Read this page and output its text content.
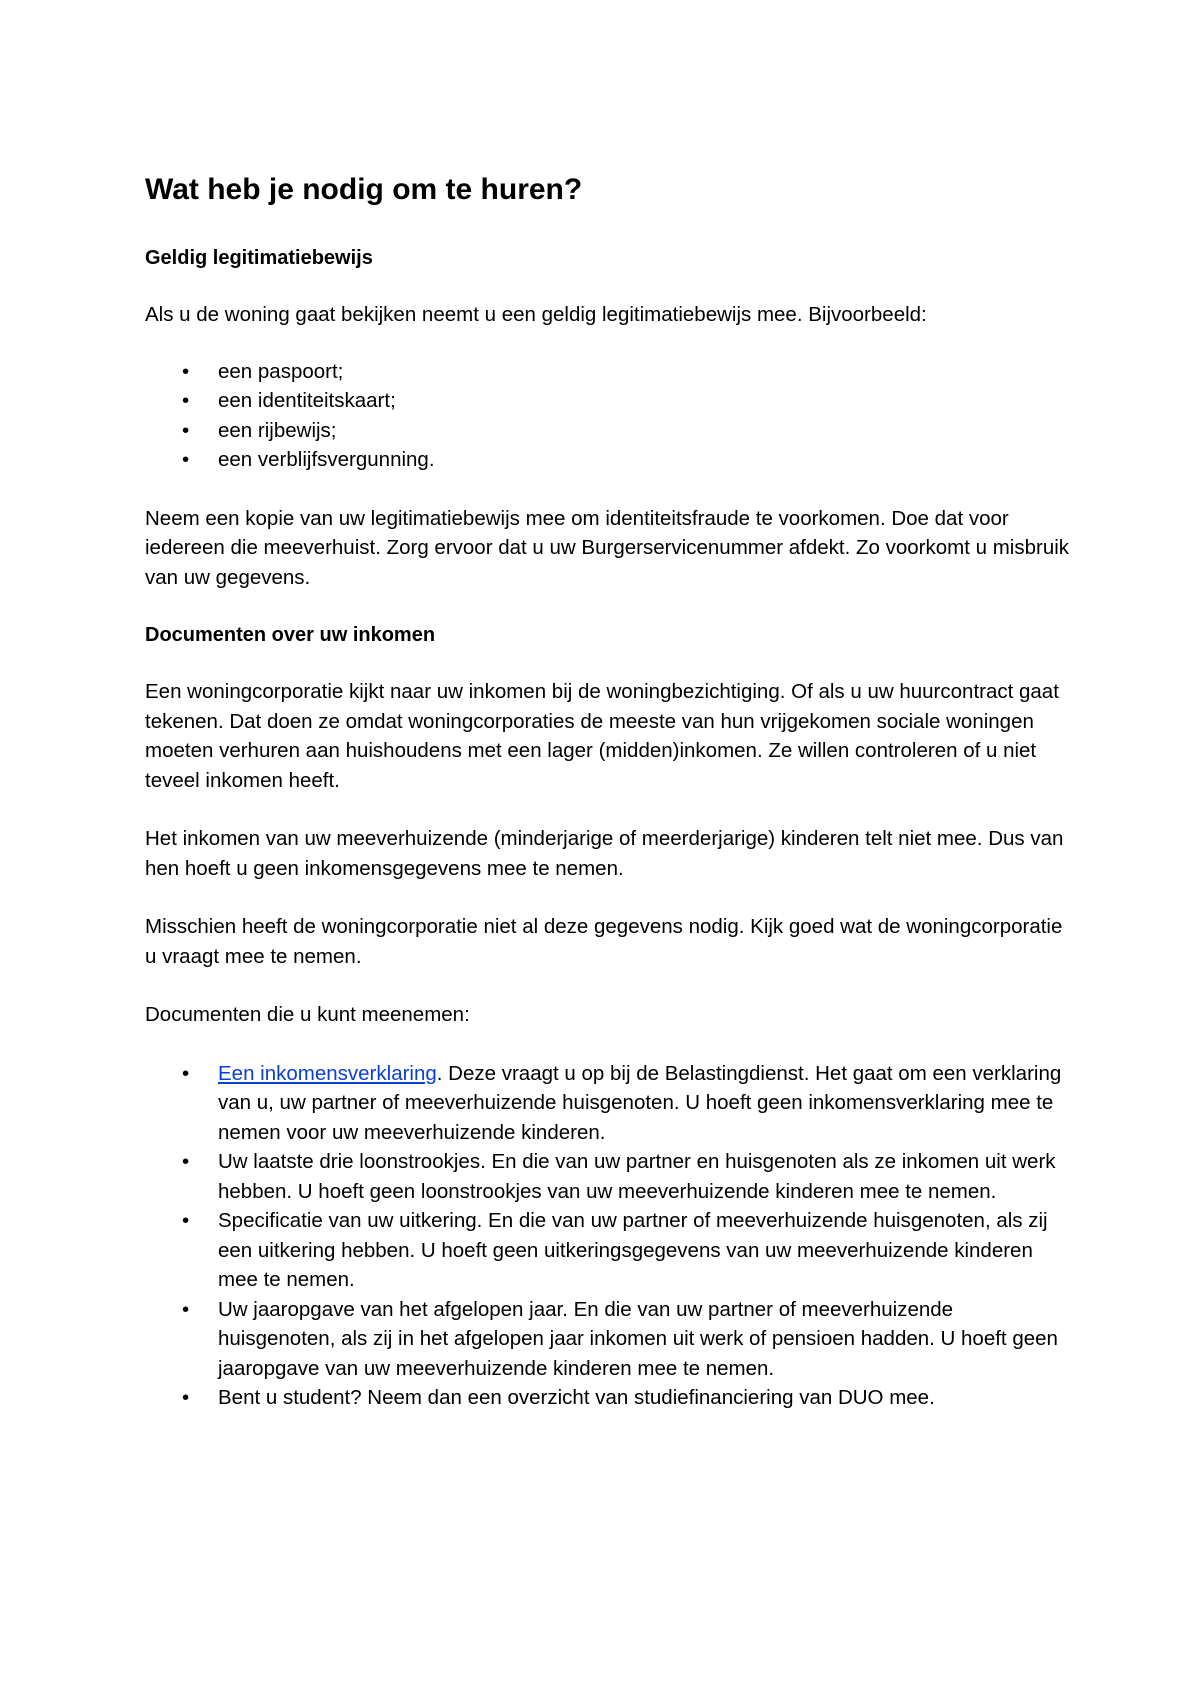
Wat heb je nodig om te huren?
Geldig legitimatiebewijs

Als u de woning gaat bekijken neemt u een geldig legitimatiebewijs mee. Bijvoorbeeld:

• een paspoort;
• een identiteitskaart;
• een rijbewijs;
• een verblijfsvergunning.

Neem een kopie van uw legitimatiebewijs mee om identiteitsfraude te voorkomen. Doe dat voor iedereen die meeverhuist. Zorg ervoor dat u uw Burgerservicenummer afdekt. Zo voorkomt u misbruik van uw gegevens.

Documenten over uw inkomen

Een woningcorporatie kijkt naar uw inkomen bij de woningbezichtiging. Of als u uw huurcontract gaat tekenen. Dat doen ze omdat woningcorporaties de meeste van hun vrijgekomen sociale woningen moeten verhuren aan huishoudens met een lager (midden)inkomen. Ze willen controleren of u niet teveel inkomen heeft.

Het inkomen van uw meeverhuizende (minderjarige of meerderjarige) kinderen telt niet mee. Dus van hen hoeft u geen inkomensgegevens mee te nemen.

Misschien heeft de woningcorporatie niet al deze gegevens nodig. Kijk goed wat de woningcorporatie u vraagt mee te nemen.

Documenten die u kunt meenemen:

• Een inkomensverklaring. Deze vraagt u op bij de Belastingdienst. Het gaat om een verklaring van u, uw partner of meeverhuizende huisgenoten. U hoeft geen inkomensverklaring mee te nemen voor uw meeverhuizende kinderen.
• Uw laatste drie loonstrookjes. En die van uw partner en huisgenoten als ze inkomen uit werk hebben. U hoeft geen loonstrookjes van uw meeverhuizende kinderen mee te nemen.
• Specificatie van uw uitkering. En die van uw partner of meeverhuizende huisgenoten, als zij een uitkering hebben. U hoeft geen uitkeringsgegevens van uw meeverhuizende kinderen mee te nemen.
• Uw jaaropgave van het afgelopen jaar. En die van uw partner of meeverhuizende huisgenoten, als zij in het afgelopen jaar inkomen uit werk of pensioen hadden. U hoeft geen jaaropgave van uw meeverhuizende kinderen mee te nemen.
• Bent u student? Neem dan een overzicht van studiefinanciering van DUO mee.
